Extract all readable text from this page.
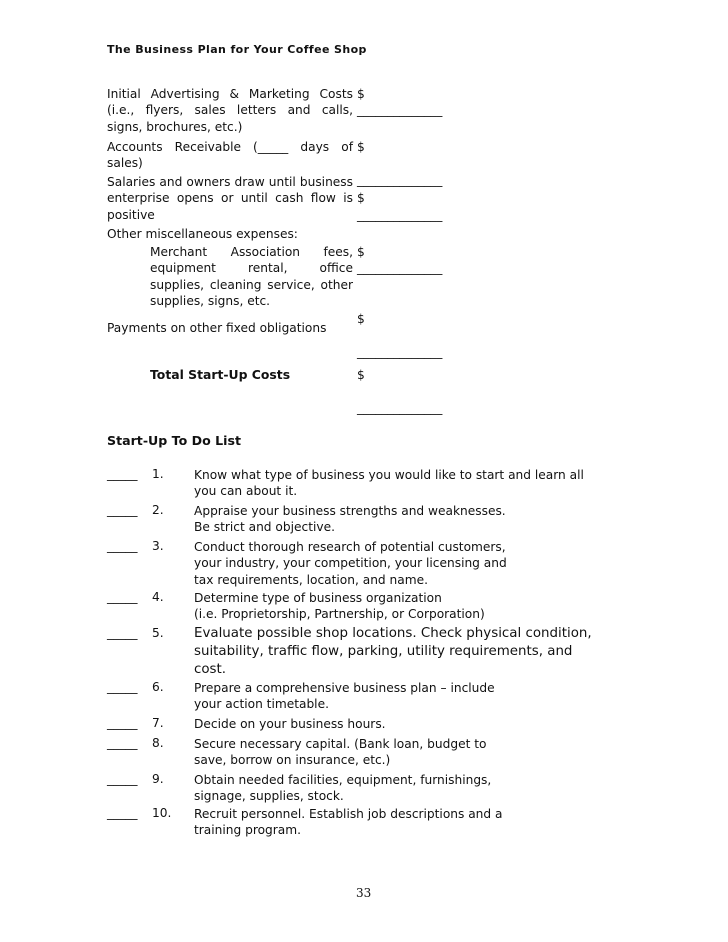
The Business Plan for Your Coffee Shop
Initial Advertising & Marketing Costs (i.e., flyers, sales letters and calls, signs, brochures, etc.)
$
______________
Accounts Receivable (_____ days of sales)
$

______________
Salaries and owners draw until business enterprise opens or until cash flow is positive

$
______________
Other miscellaneous expenses:
Merchant Association fees, equipment rental, office supplies, cleaning service, other supplies, signs, etc.
$
______________
Payments on other fixed obligations
$

______________
Total Start-Up Costs	$

______________
Start-Up To Do List
_____ 1. Know what type of business you would like to start and learn all
you can about it.
_____ 2. Appraise your business strengths and weaknesses.
Be strict and objective.
_____ 3. Conduct thorough research of potential customers,
your industry, your competition, your licensing and
tax requirements, location, and name.
_____ 4. Determine type of business organization
(i.e. Proprietorship, Partnership, or Corporation)
_____ 5. Evaluate possible shop locations. Check physical condition,
suitability, traffic flow, parking, utility requirements, and
cost.
_____ 6. Prepare a comprehensive business plan – include
your action timetable.
_____ 7. Decide on your business hours.
_____ 8. Secure necessary capital. (Bank loan, budget to
save, borrow on insurance, etc.)
_____ 9. Obtain needed facilities, equipment, furnishings,
signage, supplies, stock.
_____ 10. Recruit personnel. Establish job descriptions and a
training program.
33
